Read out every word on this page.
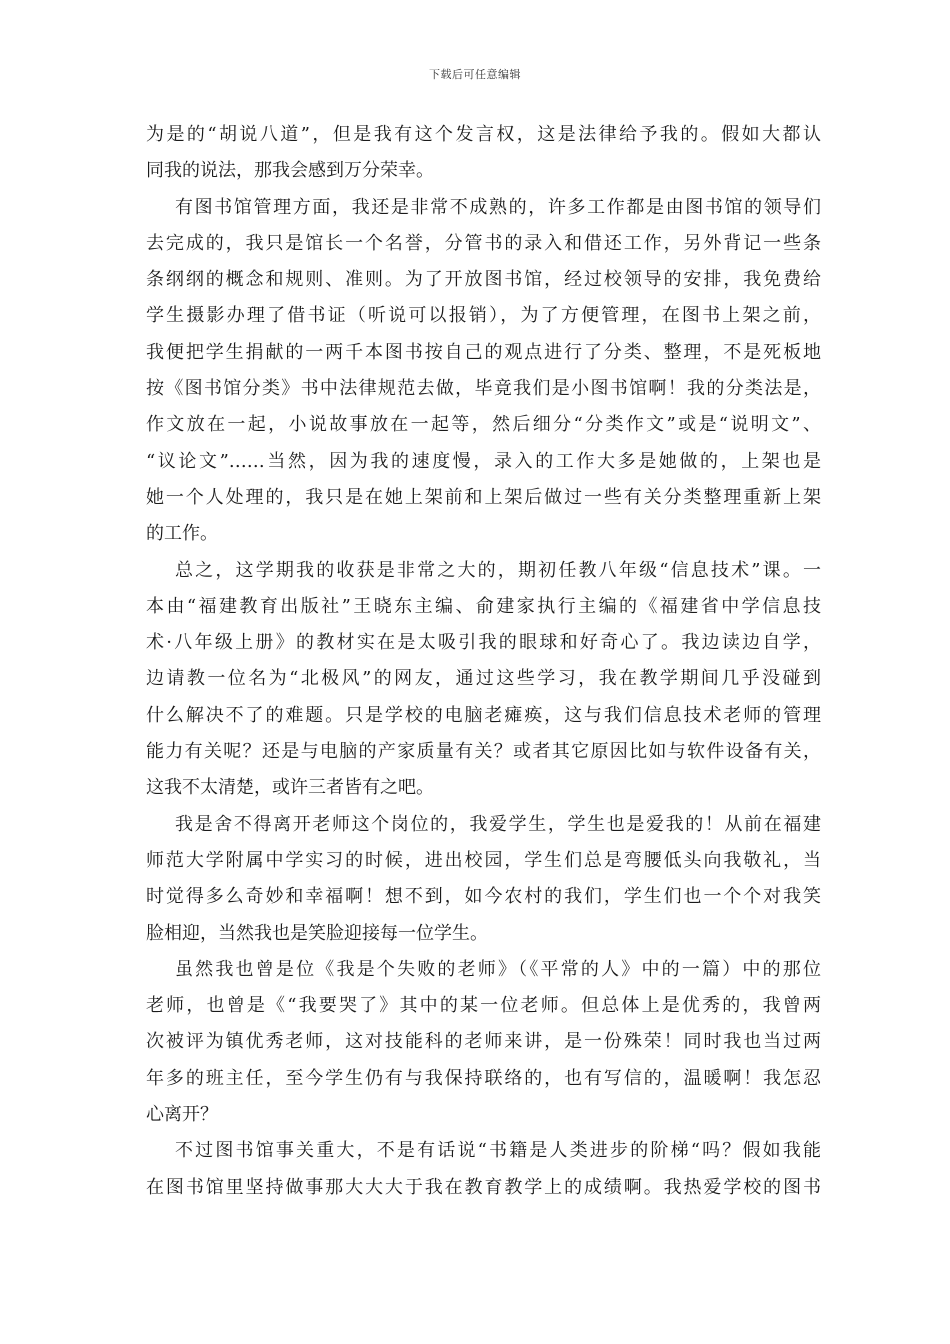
下载后可任意编辑
为是的“胡说八道”，但是我有这个发言权，这是法律给予我的。假如大都认
同我的说法，那我会感到万分荣幸。
有图书馆管理方面，我还是非常不成熟的，许多工作都是由图书馆的领导们
去完成的，我只是馆长一个名誉，分管书的录入和借还工作，另外背记一些条
条纲纲的概念和规则、准则。为了开放图书馆，经过校领导的安排，我免费给
学生摄影办理了借书证（听说可以报销），为了方便管理，在图书上架之前，
我便把学生捐献的一两千本图书按自己的观点进行了分类、整理，不是死板地
按《图书馆分类》书中法律规范去做，毕竟我们是小图书馆啊！我的分类法是，
作文放在一起，小说故事放在一起等，然后细分“分类作文”或是“说明文”、
“议论文”……当然，因为我的速度慢，录入的工作大多是她做的，上架也是
她一个人处理的，我只是在她上架前和上架后做过一些有关分类整理重新上架
的工作。
总之，这学期我的收获是非常之大的，期初任教八年级“信息技术”课。一
本由“福建教育出版社”王晓东主编、俞建家执行主编的《福建省中学信息技
术·八年级上册》的教材实在是太吸引我的眼球和好奇心了。我边读边自学，
边请教一位名为“北极风”的网友，通过这些学习，我在教学期间几乎没碰到
什么解决不了的难题。只是学校的电脑老瘫痪，这与我们信息技术老师的管理
能力有关呢？还是与电脑的产家质量有关？或者其它原因比如与软件设备有关，
这我不太清楚，或许三者皆有之吧。
我是舍不得离开老师这个岗位的，我爱学生，学生也是爱我的！从前在福建
师范大学附属中学实习的时候，进出校园，学生们总是弯腰低头向我敬礼，当
时觉得多么奇妙和幸福啊！想不到，如今农村的我们，学生们也一个个对我笑
脸相迎，当然我也是笑脸迎接每一位学生。
虽然我也曾是位《我是个失败的老师》（《平常的人》中的一篇）中的那位
老师，也曾是《“我要哭了》其中的某一位老师。但总体上是优秀的，我曾两
次被评为镇优秀老师，这对技能科的老师来讲，是一份殊荣！同时我也当过两
年多的班主任，至今学生仍有与我保持联络的，也有写信的，温暖啊！我怎忍
心离开？
不过图书馆事关重大，不是有话说“书籍是人类进步的阶梯“吗？假如我能
在图书馆里坚持做事那大大大于我在教育教学上的成绩啊。我热爱学校的图书
